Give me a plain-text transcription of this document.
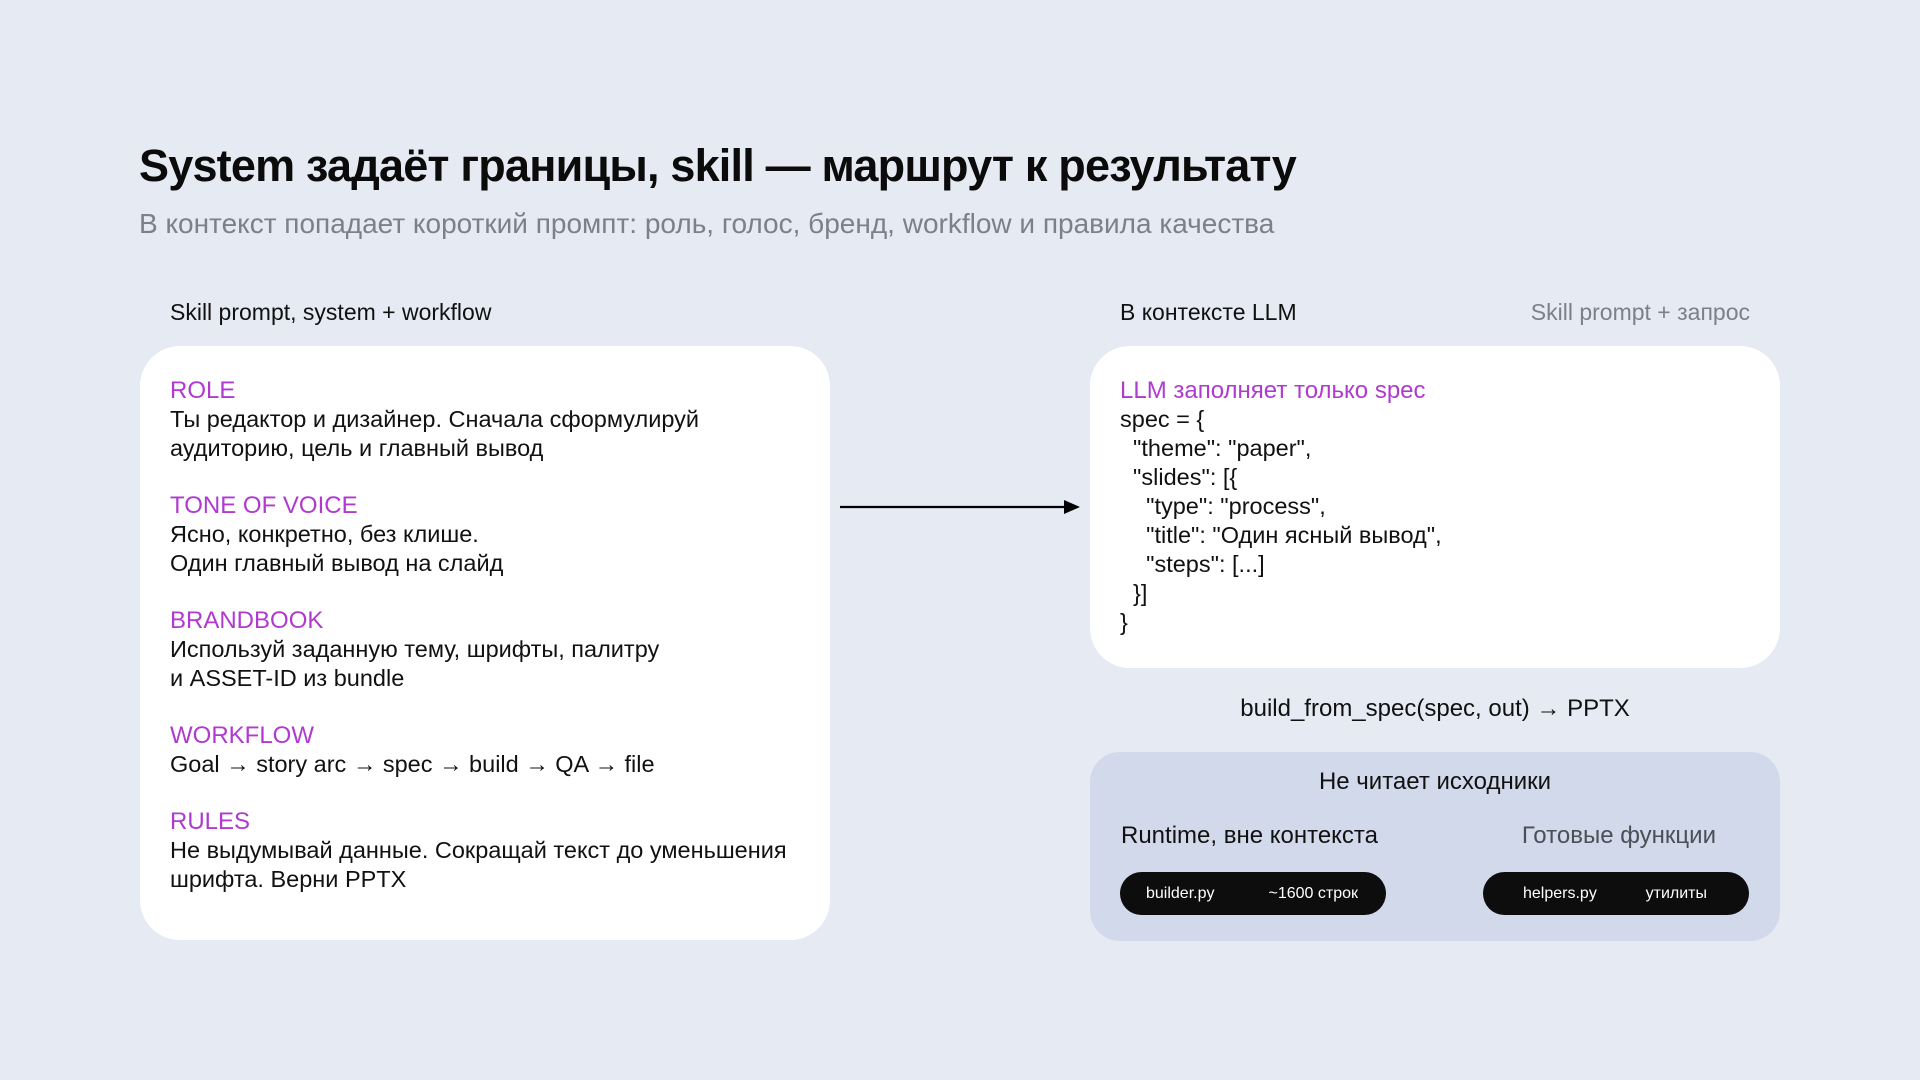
System задаёт границы, skill — маршрут к результату
В контекст попадает короткий промпт: роль, голос, бренд, workflow и правила качества
Skill prompt, system + workflow	В контексте LLM	Skill prompt + запрос
ROLE
Ты редактор и дизайнер. Сначала сформулируй
аудиторию, цель и главный вывод
TONE OF VOICE
Ясно, конкретно, без клише.
Один главный вывод на слайд
BRANDBOOK
Используй заданную тему, шрифты, палитру
и ASSET-ID из bundle
WORKFLOW
Goal → story arc → spec → build → QA → file
RULES
Не выдумывай данные. Сокращай текст до уменьшения
шрифта. Верни PPTX
LLM заполняет только spec
spec = {
"theme": "paper",
"slides": [{
"type": "process",
"title": "Один ясный вывод",
"steps": [...]
}]
}
build_from_spec(spec, out) → PPTX
Не читает исходники
Runtime, вне контекста	Готовые функции
builder.py	~1600 строк	helpers.py	утилиты
